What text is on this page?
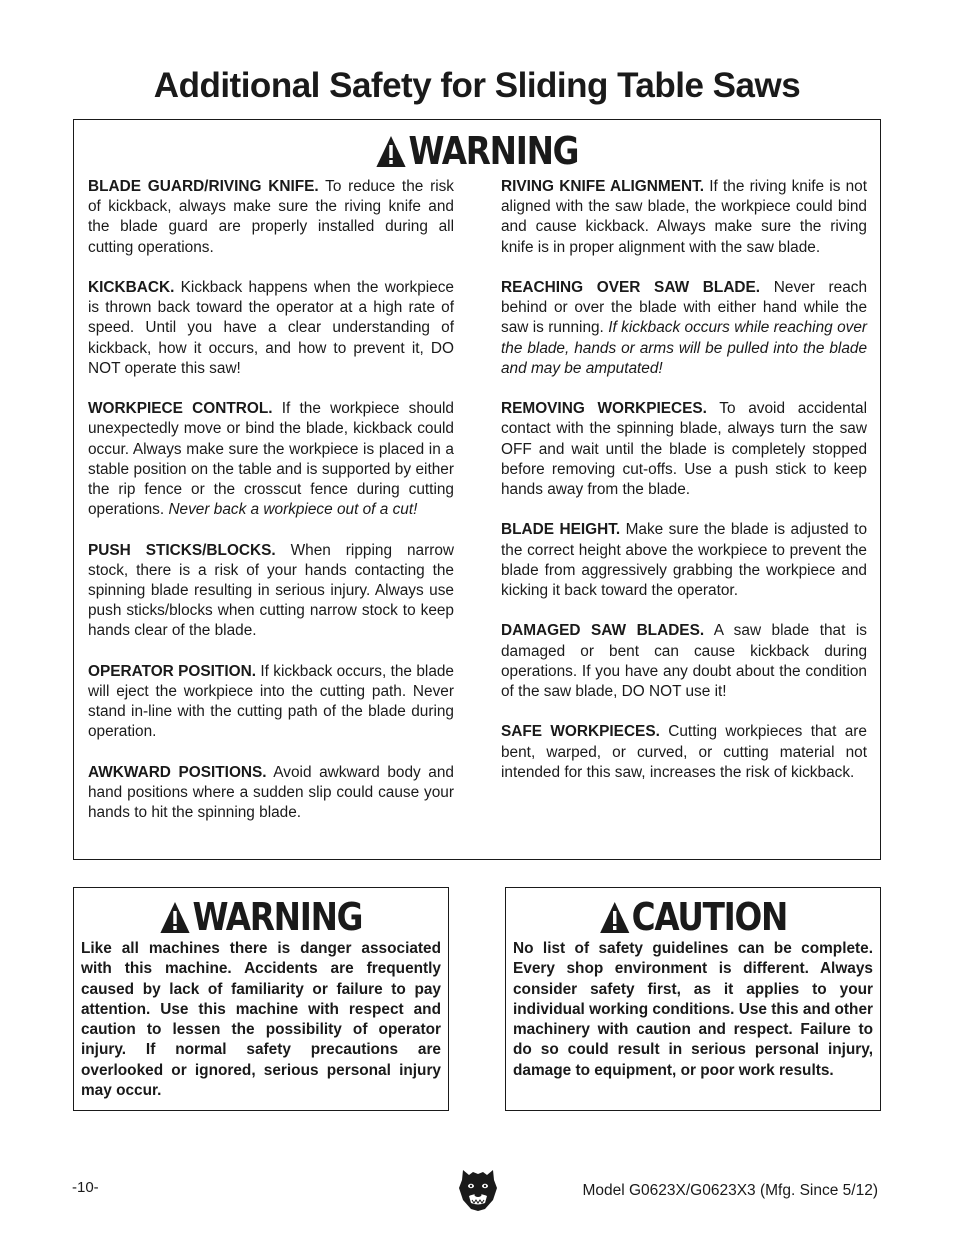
Additional Safety for Sliding Table Saws
WARNING

BLADE GUARD/RIVING KNIFE. To reduce the risk of kickback, always make sure the riving knife and the blade guard are properly installed during all cutting operations.

KICKBACK. Kickback happens when the workpiece is thrown back toward the operator at a high rate of speed. Until you have a clear understanding of kickback, how it occurs, and how to prevent it, DO NOT operate this saw!

WORKPIECE CONTROL. If the workpiece should unexpectedly move or bind the blade, kickback could occur. Always make sure the workpiece is placed in a stable position on the table and is supported by either the rip fence or the crosscut fence during cutting operations. Never back a workpiece out of a cut!

PUSH STICKS/BLOCKS. When ripping narrow stock, there is a risk of your hands contacting the spinning blade resulting in serious injury. Always use push sticks/blocks when cutting narrow stock to keep hands clear of the blade.

OPERATOR POSITION. If kickback occurs, the blade will eject the workpiece into the cutting path. Never stand in-line with the cutting path of the blade during operation.

AWKWARD POSITIONS. Avoid awkward body and hand positions where a sudden slip could cause your hands to hit the spinning blade.

RIVING KNIFE ALIGNMENT. If the riving knife is not aligned with the saw blade, the workpiece could bind and cause kickback. Always make sure the riving knife is in proper alignment with the saw blade.

REACHING OVER SAW BLADE. Never reach behind or over the blade with either hand while the saw is running. If kickback occurs while reaching over the blade, hands or arms will be pulled into the blade and may be amputated!

REMOVING WORKPIECES. To avoid accidental contact with the spinning blade, always turn the saw OFF and wait until the blade is completely stopped before removing cut-offs. Use a push stick to keep hands away from the blade.

BLADE HEIGHT. Make sure the blade is adjusted to the correct height above the workpiece to prevent the blade from aggressively grabbing the workpiece and kicking it back toward the operator.

DAMAGED SAW BLADES. A saw blade that is damaged or bent can cause kickback during operations. If you have any doubt about the condition of the saw blade, DO NOT use it!

SAFE WORKPIECES. Cutting workpieces that are bent, warped, or curved, or cutting material not intended for this saw, increases the risk of kickback.

WARNING
Like all machines there is danger associated with this machine. Accidents are frequently caused by lack of familiarity or failure to pay attention. Use this machine with respect and caution to lessen the possibility of operator injury. If normal safety precautions are overlooked or ignored, serious personal injury may occur.
CAUTION
No list of safety guidelines can be complete. Every shop environment is different. Always consider safety first, as it applies to your individual working conditions. Use this and other machinery with caution and respect. Failure to do so could result in serious personal injury, damage to equipment, or poor work results.
-10-	Model G0623X/G0623X3 (Mfg. Since 5/12)
